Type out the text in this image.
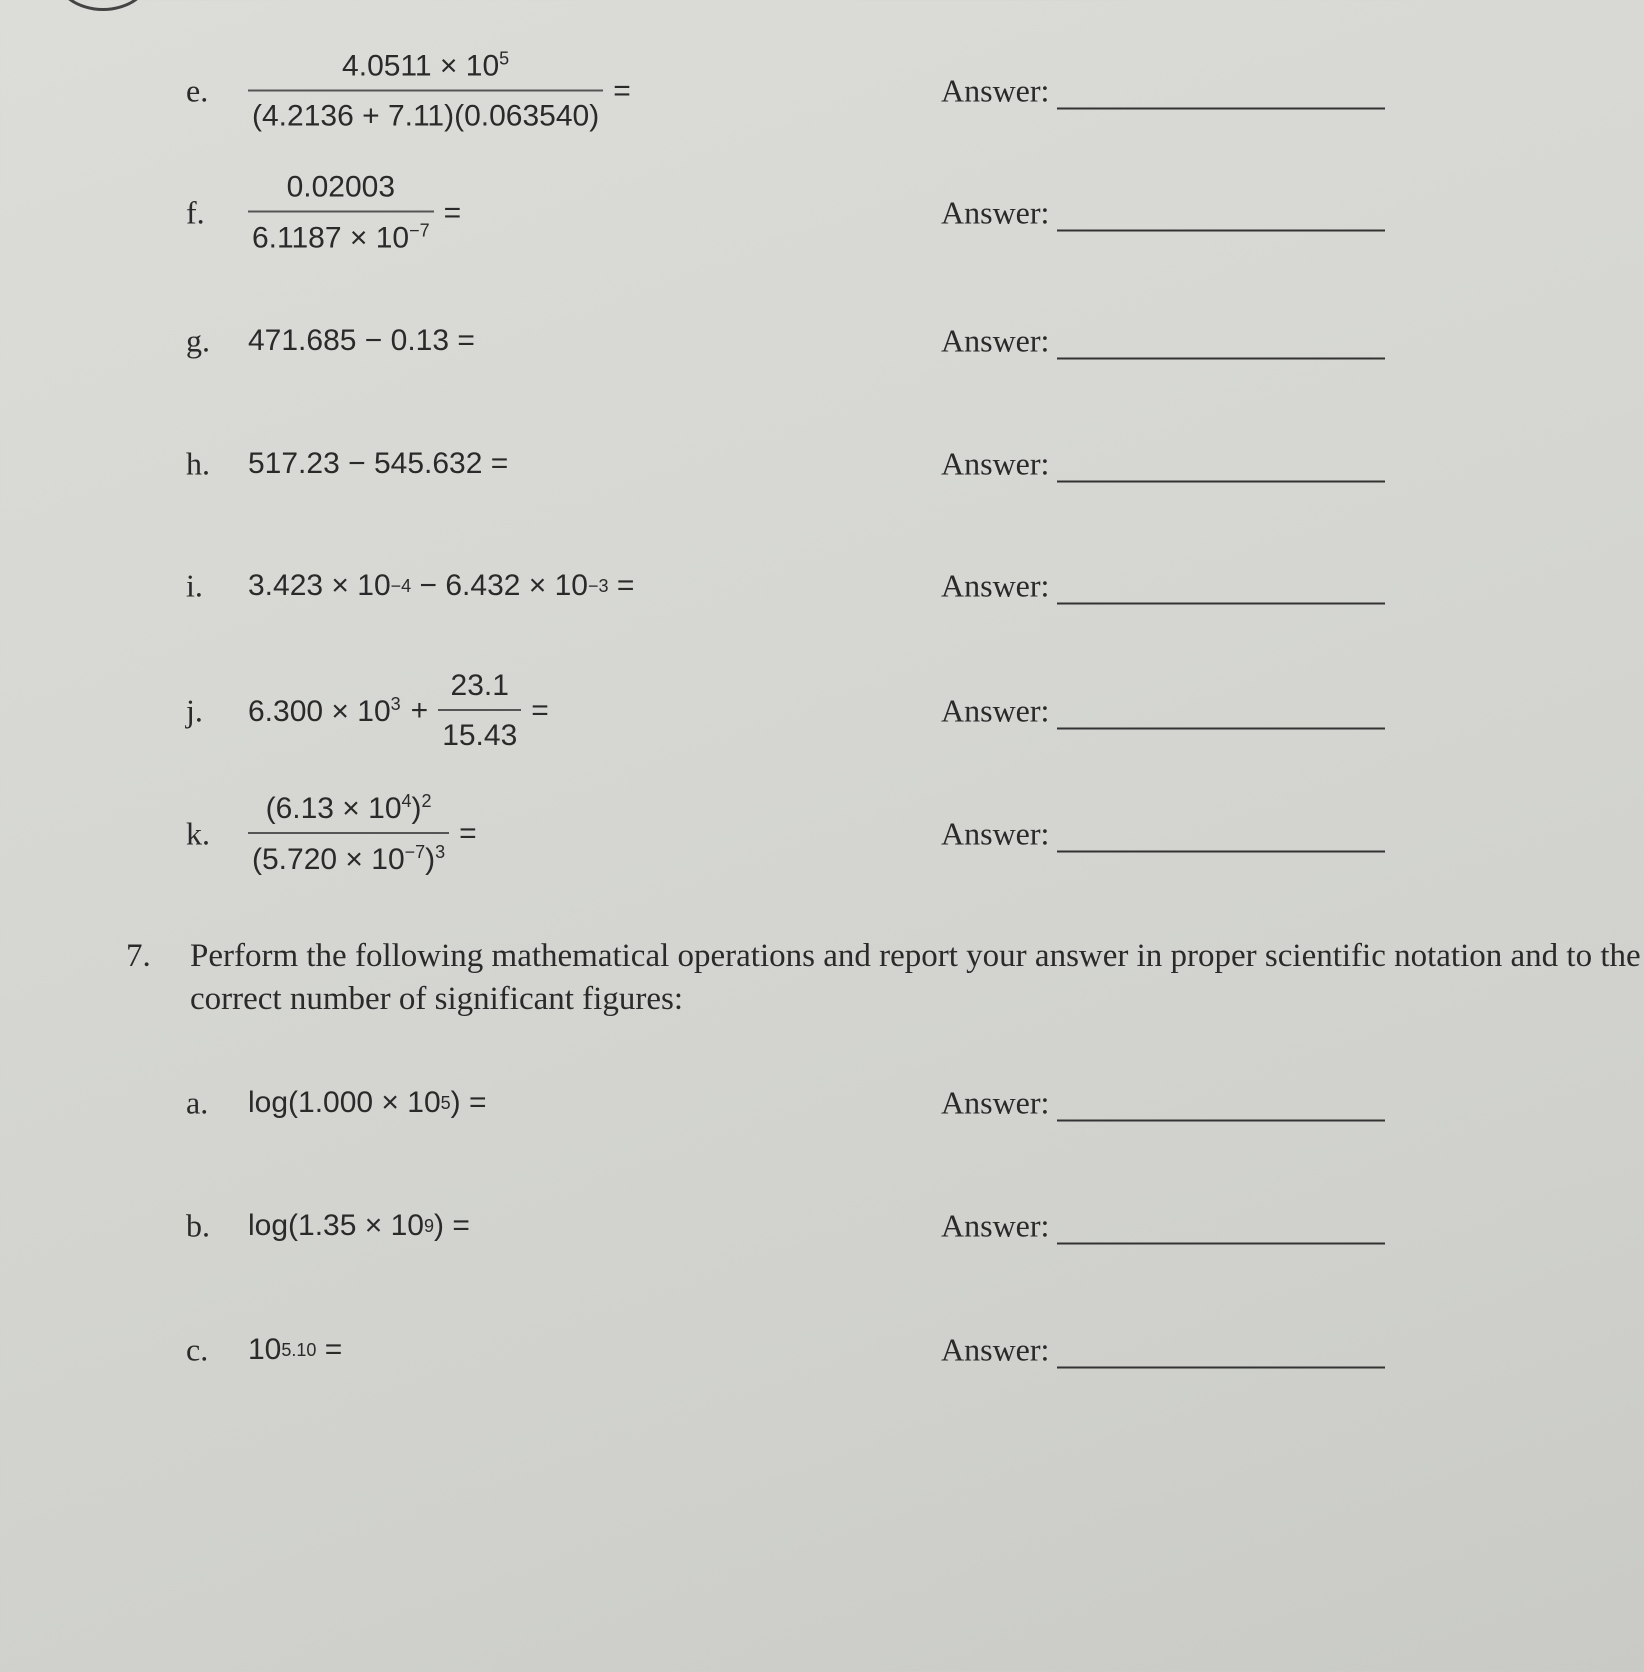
e. $\frac{4.0511 \times 10^5}{(4.2136 + 7.11)(0.063540)}$ =	Answer:
f. $\frac{0.02003}{6.1187 \times 10^{-7}}$ =	Answer:
g. 471.685 − 0.13 =	Answer:
h. 517.23 − 545.632 =	Answer:
i. 3.423 × 10 −4 − 6.432 × 10 −3 =	Answer:
j. $6.300 \times 10^3 + \frac{23.1}{15.43}$ =	Answer:
k. $\frac{(6.13 \times 10^4)^2}{(5.720 \times 10^{-7})^3}$ =	Answer:
7. Perform the following mathematical operations and report your answer in proper scientific notation and to the correct number of significant figures:
a. log(1.000 × 10 5 ) =	Answer:
b. log(1.35 × 10 9 ) =	Answer:
c. 10 5.10 =	Answer:
